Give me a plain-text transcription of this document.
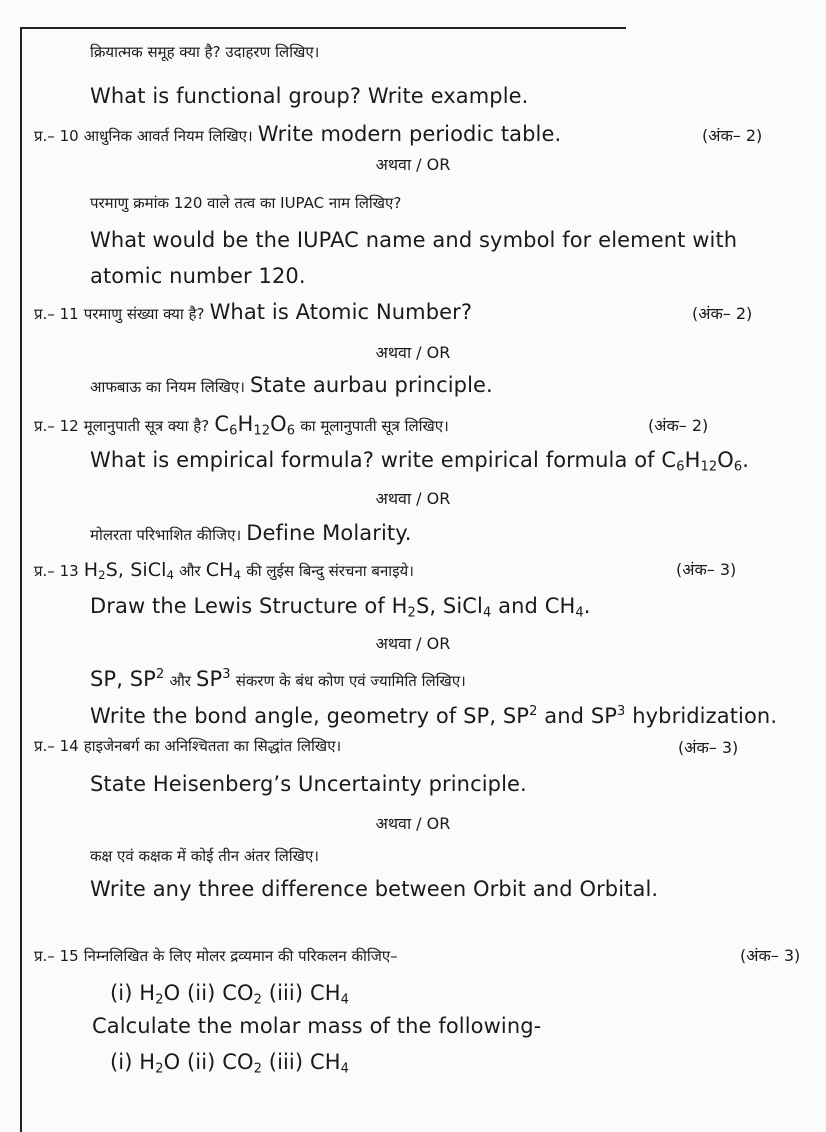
क्रियात्मक समूह क्या है? उदाहरण लिखिए।
What is functional group? Write example.
प्र.– 10 आधुनिक आवर्त नियम लिखिए। Write modern periodic table.	(अंक– 2)
अथवा / OR
परमाणु क्रमांक 120 वाले तत्व का IUPAC नाम लिखिए?
What would be the IUPAC name and symbol for element with
atomic number 120.
प्र.– 11 परमाणु संख्या क्या है? What is Atomic Number?	(अंक– 2)
अथवा / OR
आफबाऊ का नियम लिखिए। State aurbau principle.
प्र.– 12 मूलानुपाती सूत्र क्या है? $C_6H_{12}O_6$ का मूलानुपाती सूत्र लिखिए।	(अंक– 2)
What is empirical formula? write empirical formula of $C_6H_{12}O_6$.
अथवा / OR
मोलरता परिभाशित कीजिए। Define Molarity.
प्र.– 13 $H_2S$, SiCl$_4$ और $CH_4$ की लुईस बिन्दु संरचना बनाइये।	(अंक– 3)
Draw the Lewis Structure of $H_2S$, SiCl$_4$ and $CH_4$.
अथवा / OR
SP, $SP^2$ और $SP^3$ संकरण के बंध कोण एवं ज्यामिति लिखिए।
Write the bond angle, geometry of SP, $SP^2$ and $SP^3$ hybridization.
प्र.– 14 हाइजेनबर्ग का अनिश्चितता का सिद्धांत लिखिए।	(अंक– 3)
State Heisenberg’s Uncertainty principle.
अथवा / OR
कक्ष एवं कक्षक में कोई तीन अंतर लिखिए।
Write any three difference between Orbit and Orbital.
प्र.– 15 निम्नलिखित के लिए मोलर द्रव्यमान की परिकलन कीजिए–	(अंक– 3)
(i) $H_2O$ (ii) $CO_2$ (iii) $CH_4$
Calculate the molar mass of the following-
(i) $H_2O$ (ii) $CO_2$ (iii) $CH_4$
